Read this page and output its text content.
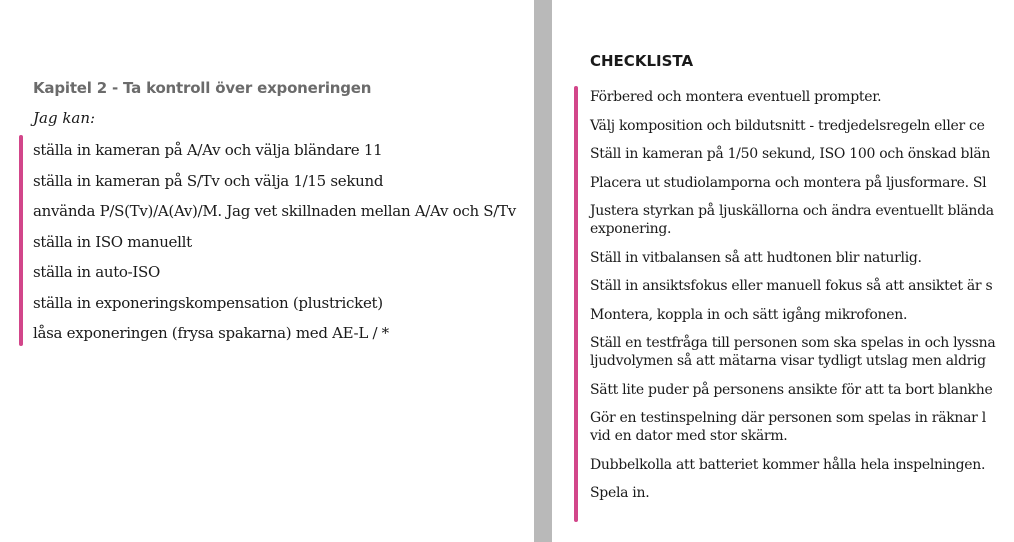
Kapitel 2 - Ta kontroll över exponeringen
Jag kan:
ställa in kameran på A/Av och välja bländare 11
ställa in kameran på S/Tv och välja 1/15 sekund
använda P/S(Tv)/A(Av)/M. Jag vet skillnaden mellan A/Av och S/Tv
ställa in ISO manuellt
ställa in auto-ISO
ställa in exponeringskompensation (plustricket)
låsa exponeringen (frysa spakarna) med AE-L / *
CHECKLISTA
Förbered och montera eventuell prompter.
Välj komposition och bildutsnitt - tredjedelsregeln eller ce
Ställ in kameran på 1/50 sekund, ISO 100 och önskad blän
Placera ut studiolamporna och montera på ljusformare. Sl
Justera styrkan på ljuskällorna och ändra eventuellt blända
exponering.
Ställ in vitbalansen så att hudtonen blir naturlig.
Ställ in ansiktsfokus eller manuell fokus så att ansiktet är s
Montera, koppla in och sätt igång mikrofonen.
Ställ en testfråga till personen som ska spelas in och lyssna
ljudvolymen så att mätarna visar tydligt utslag men aldrig
Sätt lite puder på personens ansikte för att ta bort blankhe
Gör en testinspelning där personen som spelas in räknar l
vid en dator med stor skärm.
Dubbelkolla att batteriet kommer hålla hela inspelningen.
Spela in.
